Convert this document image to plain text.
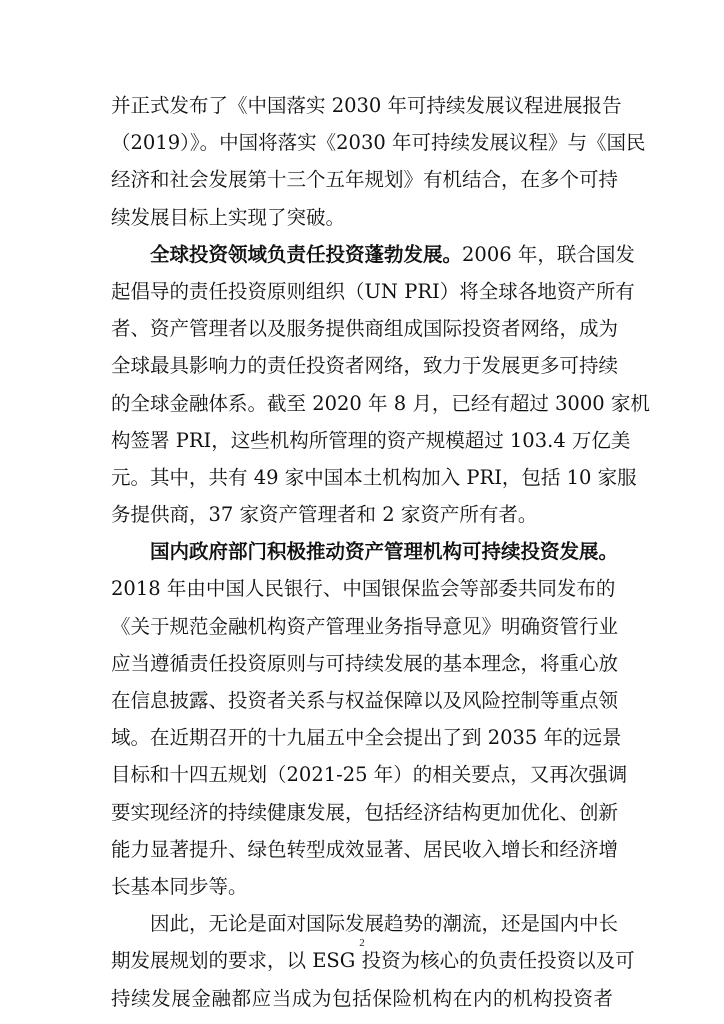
并正式发布了《中国落实 2030 年可持续发展议程进展报告
（2019）》。中国将落实《2030 年可持续发展议程》与《国民
经济和社会发展第十三个五年规划》有机结合，在多个可持
续发展目标上实现了突破。
全球投资领域负责任投资蓬勃发展。2006 年，联合国发
起倡导的责任投资原则组织（UN PRI）将全球各地资产所有
者、资产管理者以及服务提供商组成国际投资者网络，成为
全球最具影响力的责任投资者网络，致力于发展更多可持续
的全球金融体系。截至 2020 年 8 月，已经有超过 3000 家机
构签署 PRI，这些机构所管理的资产规模超过 103.4 万亿美
元。其中，共有 49 家中国本土机构加入 PRI，包括 10 家服
务提供商，37 家资产管理者和 2 家资产所有者。
国内政府部门积极推动资产管理机构可持续投资发展。
2018 年由中国人民银行、中国银保监会等部委共同发布的
《关于规范金融机构资产管理业务指导意见》明确资管行业
应当遵循责任投资原则与可持续发展的基本理念，将重心放
在信息披露、投资者关系与权益保障以及风险控制等重点领
域。在近期召开的十九届五中全会提出了到 2035 年的远景
目标和十四五规划（2021-25 年）的相关要点，又再次强调
要实现经济的持续健康发展，包括经济结构更加优化、创新
能力显著提升、绿色转型成效显著、居民收入增长和经济增
长基本同步等。
因此，无论是面对国际发展趋势的潮流，还是国内中长
期发展规划的要求，以 ESG 投资为核心的负责任投资以及可
持续发展金融都应当成为包括保险机构在内的机构投资者
2
